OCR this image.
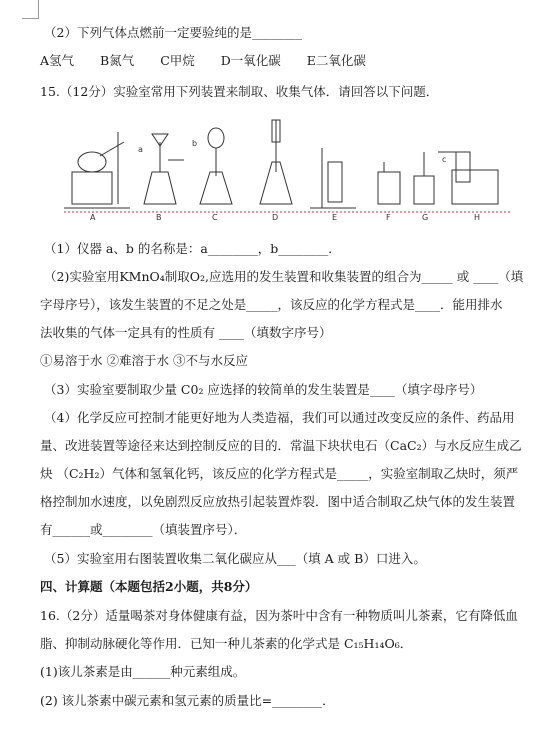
（2）下列气体点燃前一定要验纯的是________
A氢气 B氮气 C甲烷 D一氧化碳 E二氧化碳
15.（12分）实验室常用下列装置来制取、收集气体．请回答以下问题．
a
b
A	B	C	D	E	F	G	H
c
（1）仪器 a、b 的名称是：a________，b________．
（2)实验室用KMnO₄制取O₂,应选用的发生装置和收集装置的组合为_____ 或 ____（填
字母序号），该发生装置的不足之处是_____，该反应的化学方程式是____．能用排水
法收集的气体一定具有的性质有 ____（填数字序号）
①易溶于水 ②难溶于水 ③不与水反应
（3）实验室要制取少量 C0₂ 应选择的较简单的发生装置是____（填字母序号）
（4）化学反应可控制才能更好地为人类造福，我们可以通过改变反应的条件、药品用
量、改进装置等途径来达到控制反应的目的．常温下块状电石（CaC₂）与水反应生成乙
炔 （C₂H₂）气体和氢氧化钙，该反应的化学方程式是_____，实验室制取乙炔时，须严
格控制加水速度，以免剧烈反应放热引起装置炸裂．图中适合制取乙炔气体的发生装置
有______或________（填装置序号）．
（5）实验室用右图装置收集二氧化碳应从___（填 A 或 B）口进入。
四、计算题（本题包括2小题，共8分）
16.（2分）适量喝茶对身体健康有益，因为茶叶中含有一种物质叫儿茶素，它有降低血
脂、抑制动脉硬化等作用．已知一种儿茶素的化学式是 C₁₅H₁₄O₆．
(1)该儿茶素是由______种元素组成。
(2) 该儿茶素中碳元素和氢元素的质量比=________．
